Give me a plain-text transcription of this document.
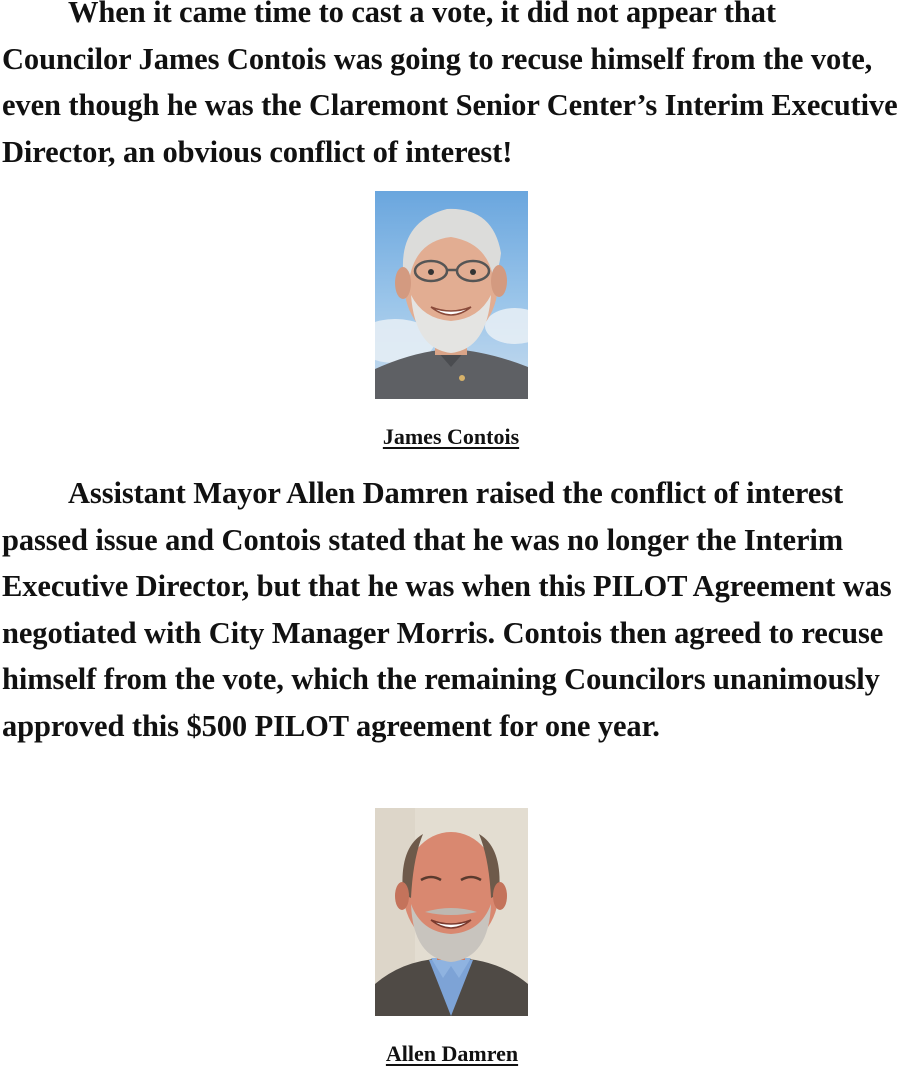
When it came time to cast a vote, it did not appear that Councilor James Contois was going to recuse himself from the vote, even though he was the Claremont Senior Center’s Interim Executive Director, an obvious conflict of interest!

James Contois

Assistant Mayor Allen Damren raised the conflict of interest passed issue and Contois stated that he was no longer the Interim Executive Director, but that he was when this PILOT Agreement was negotiated with City Manager Morris. Contois then agreed to recuse himself from the vote, which the remaining Councilors unanimously approved this $500 PILOT agreement for one year.

Allen Damren
